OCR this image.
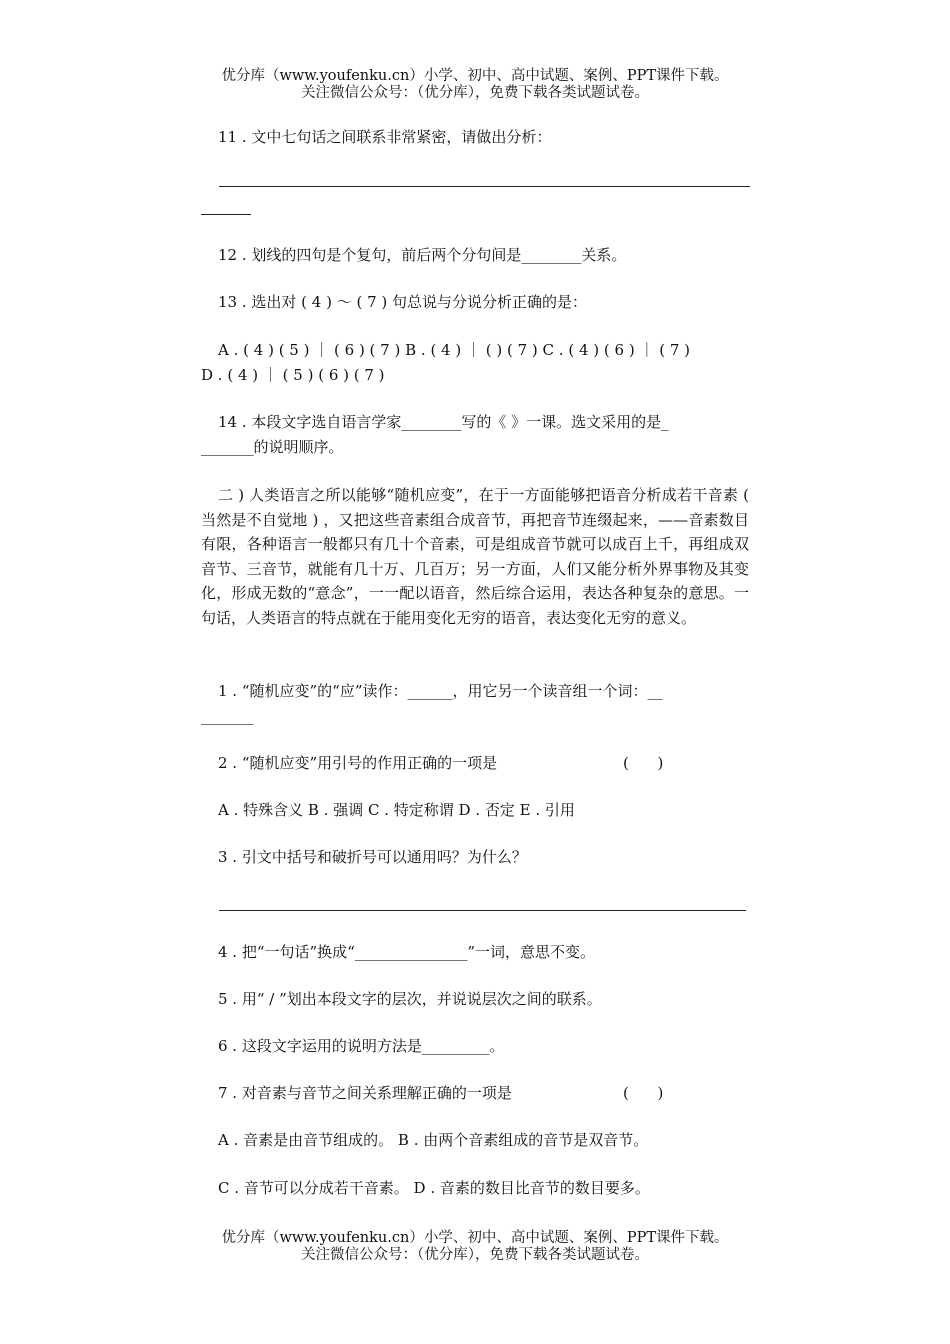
优分库（www.youfenku.cn）小学、初中、高中试题、案例、PPT课件下载。
关注微信公众号：（优分库），免费下载各类试题试卷。
11 . 文中七句话之间联系非常紧密，请做出分析：
12 . 划线的四句是个复句，前后两个分句间是________关系。
13 . 选出对 ( 4 ) ～ ( 7 ) 句总说与分说分析正确的是：
A . ( 4 ) ( 5 ) ｜ ( 6 ) ( 7 ) B . ( 4 ) ｜ ( ) ( 7 ) C . ( 4 ) ( 6 ) ｜ ( 7 )
D . ( 4 ) ｜ ( 5 ) ( 6 ) ( 7 )
14 . 本段文字选自语言学家________写的《 》一课。选文采用的是_
_______的说明顺序。
二 ) 人类语言之所以能够“随机应变”，在于一方面能够把语音分析成若干音素 ( 当然是不自觉地 ) ，又把这些音素组合成音节，再把音节连缀起来，——音素数目有限，各种语言一般都只有几十个音素，可是组成音节就可以成百上千，再组成双音节、三音节，就能有几十万、几百万；另一方面，人们又能分析外界事物及其变化，形成无数的“意念”，一一配以语音，然后综合运用，表达各种复杂的意思。一句话，人类语言的特点就在于能用变化无穷的语音，表达变化无穷的意义。
1 . “随机应变”的“应”读作：______，用它另一个读音组一个词：__
_______
2 . “随机应变”用引号的作用正确的一项是	(      )
A . 特殊含义 B . 强调 C . 特定称谓 D . 否定 E . 引用
3 . 引文中括号和破折号可以通用吗？为什么？
4 . 把“一句话”换成“_______________”一词，意思不变。
5 . 用“ / ”划出本段文字的层次，并说说层次之间的联系。
6 . 这段文字运用的说明方法是_________。
7 . 对音素与音节之间关系理解正确的一项是	(      )
A . 音素是由音节组成的。 B . 由两个音素组成的音节是双音节。
C . 音节可以分成若干音素。 D . 音素的数目比音节的数目要多。
优分库（www.youfenku.cn）小学、初中、高中试题、案例、PPT课件下载。
关注微信公众号：（优分库），免费下载各类试题试卷。
